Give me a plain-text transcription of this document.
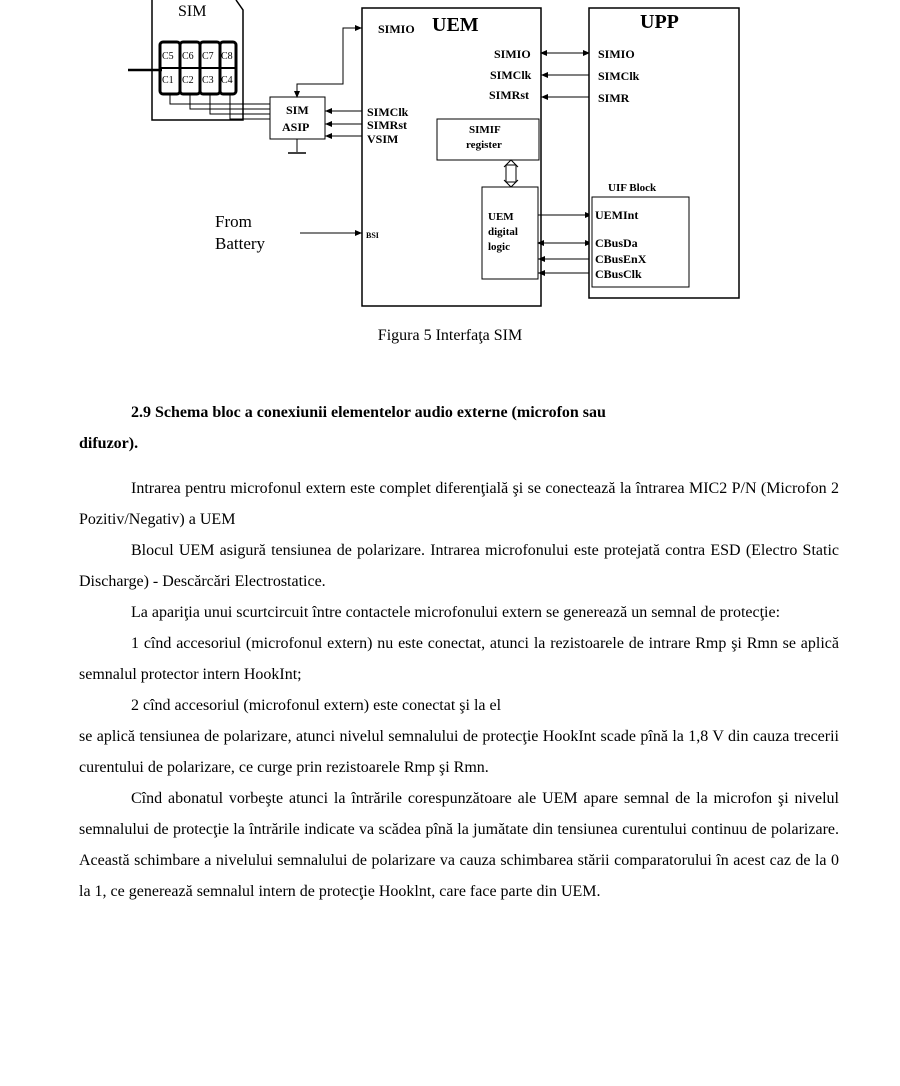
SIM
C5 C6 C7 C8
C1 C2 C3 C4
SIM
ASIP
SIMIO UEM
SIMIO
SIMClk
SIMRst
SIMClk
SIMRst
VSIM
SIMIF
register
UEM
digital
logic
BSI
From
Battery
UPP
SIMIO
SIMClk
SIMR
UIF Block
UEMInt
CBusDa
CBusEnX
CBusClk
Figura 5 Interfaţa SIM
2.9 Schema bloc a conexiunii elementelor audio externe (microfon sau
difuzor).

Intrarea pentru microfonul extern este complet diferenţială şi se conectează la întrarea MIC2 P/N (Microfon 2 Pozitiv/Negativ) a UEM

Blocul UEM asigură tensiunea de polarizare. Intrarea microfonului este protejată contra ESD (Electro Static Discharge) - Descărcări Electrostatice.

La apariţia unui scurtcircuit între contactele microfonului extern se generează un semnal de protecţie:

1 cînd accesoriul (microfonul extern) nu este conectat, atunci la rezistoarele de intrare Rmp şi Rmn se aplică semnalul protector intern HookInt;

2 cînd accesoriul (microfonul extern) este conectat şi la el

se aplică tensiunea de polarizare, atunci nivelul semnalului de protecţie HookInt scade pînă la 1,8 V din cauza trecerii curentului de polarizare, ce curge prin rezistoarele Rmp şi Rmn.

Cînd abonatul vorbeşte atunci la întrările corespunzătoare ale UEM apare semnal de la microfon şi nivelul semnalului de protecţie la întrările indicate va scădea pînă la jumătate din tensiunea curentului continuu de polarizare. Această schimbare a nivelului semnalului de polarizare va cauza schimbarea stării comparatorului în acest caz de la 0 la 1, ce generează semnalul intern de protecţie Hooklnt, care face parte din UEM.
